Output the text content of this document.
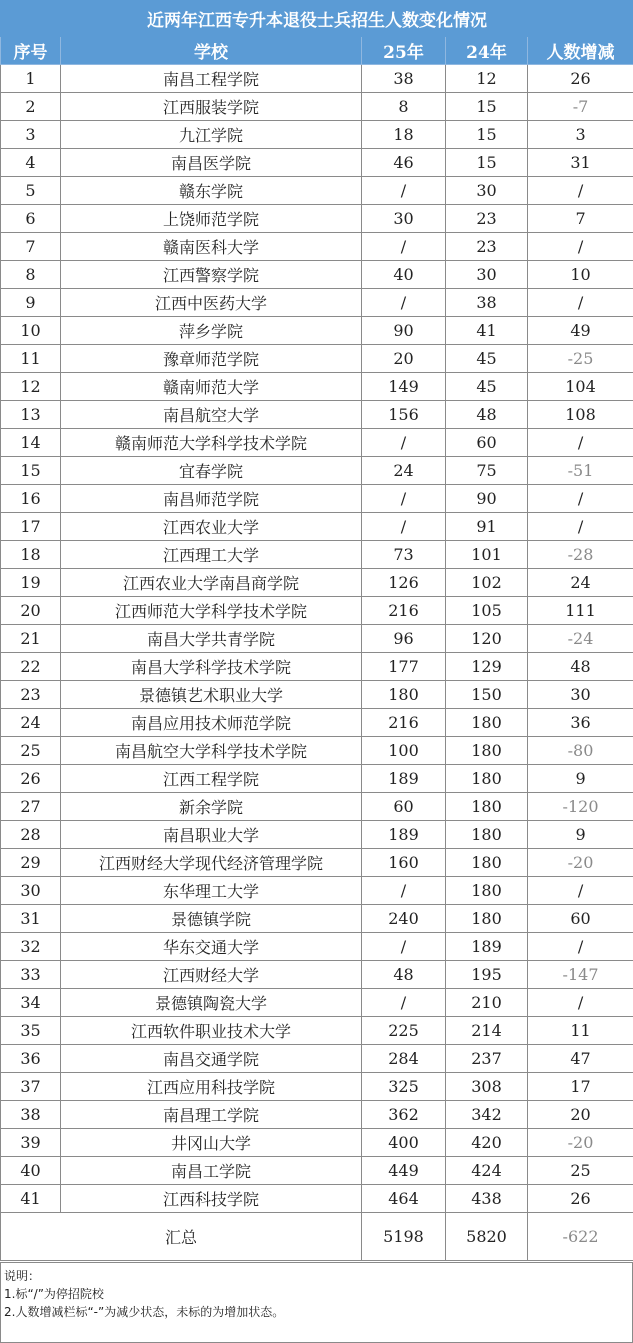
近两年江西专升本退役士兵招生人数变化情况				
序号	学校	25年	24年	人数增减
1	南昌工程学院	38	12	26
2	江西服装学院	8	15	-7
3	九江学院	18	15	3
4	南昌医学院	46	15	31
5	赣东学院	/	30	/
6	上饶师范学院	30	23	7
7	赣南医科大学	/	23	/
8	江西警察学院	40	30	10
9	江西中医药大学	/	38	/
10	萍乡学院	90	41	49
11	豫章师范学院	20	45	-25
12	赣南师范大学	149	45	104
13	南昌航空大学	156	48	108
14	赣南师范大学科学技术学院	/	60	/
15	宜春学院	24	75	-51
16	南昌师范学院	/	90	/
17	江西农业大学	/	91	/
18	江西理工大学	73	101	-28
19	江西农业大学南昌商学院	126	102	24
20	江西师范大学科学技术学院	216	105	111
21	南昌大学共青学院	96	120	-24
22	南昌大学科学技术学院	177	129	48
23	景德镇艺术职业大学	180	150	30
24	南昌应用技术师范学院	216	180	36
25	南昌航空大学科学技术学院	100	180	-80
26	江西工程学院	189	180	9
27	新余学院	60	180	-120
28	南昌职业大学	189	180	9
29	江西财经大学现代经济管理学院	160	180	-20
30	东华理工大学	/	180	/
31	景德镇学院	240	180	60
32	华东交通大学	/	189	/
33	江西财经大学	48	195	-147
34	景德镇陶瓷大学	/	210	/
35	江西软件职业技术大学	225	214	11
36	南昌交通学院	284	237	47
37	江西应用科技学院	325	308	17
38	南昌理工学院	362	342	20
39	井冈山大学	400	420	-20
40	南昌工学院	449	424	25
41	江西科技学院	464	438	26
汇总		5198	5820	-622
说明：
1.标“/”为停招院校
2.人数增减栏标“-”为减少状态，未标的为增加状态。
